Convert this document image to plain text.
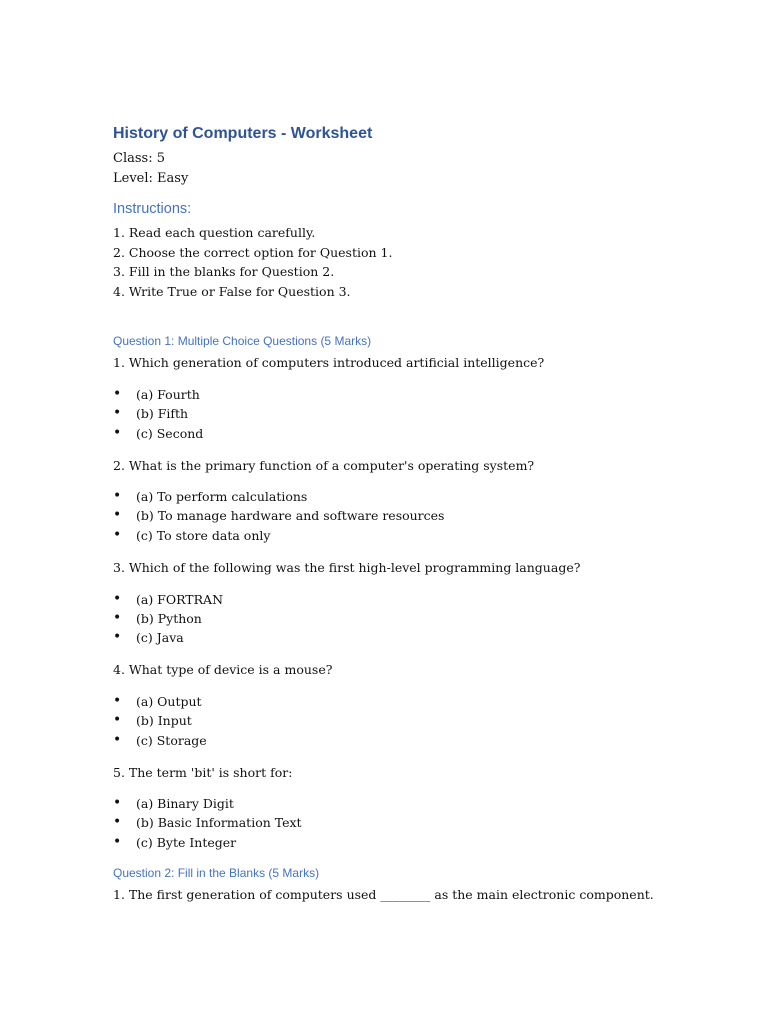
History of Computers - Worksheet
Class: 5
Level: Easy
Instructions:
1. Read each question carefully.
2. Choose the correct option for Question 1.
3. Fill in the blanks for Question 2.
4. Write True or False for Question 3.
Question 1: Multiple Choice Questions (5 Marks)
1. Which generation of computers introduced artificial intelligence?
• (a) Fourth
• (b) Fifth
• (c) Second
2. What is the primary function of a computer's operating system?
• (a) To perform calculations
• (b) To manage hardware and software resources
• (c) To store data only
3. Which of the following was the first high-level programming language?
• (a) FORTRAN
• (b) Python
• (c) Java
4. What type of device is a mouse?
• (a) Output
• (b) Input
• (c) Storage
5. The term 'bit' is short for:
• (a) Binary Digit
• (b) Basic Information Text
• (c) Byte Integer
Question 2: Fill in the Blanks (5 Marks)
1. The first generation of computers used ________ as the main electronic component.
